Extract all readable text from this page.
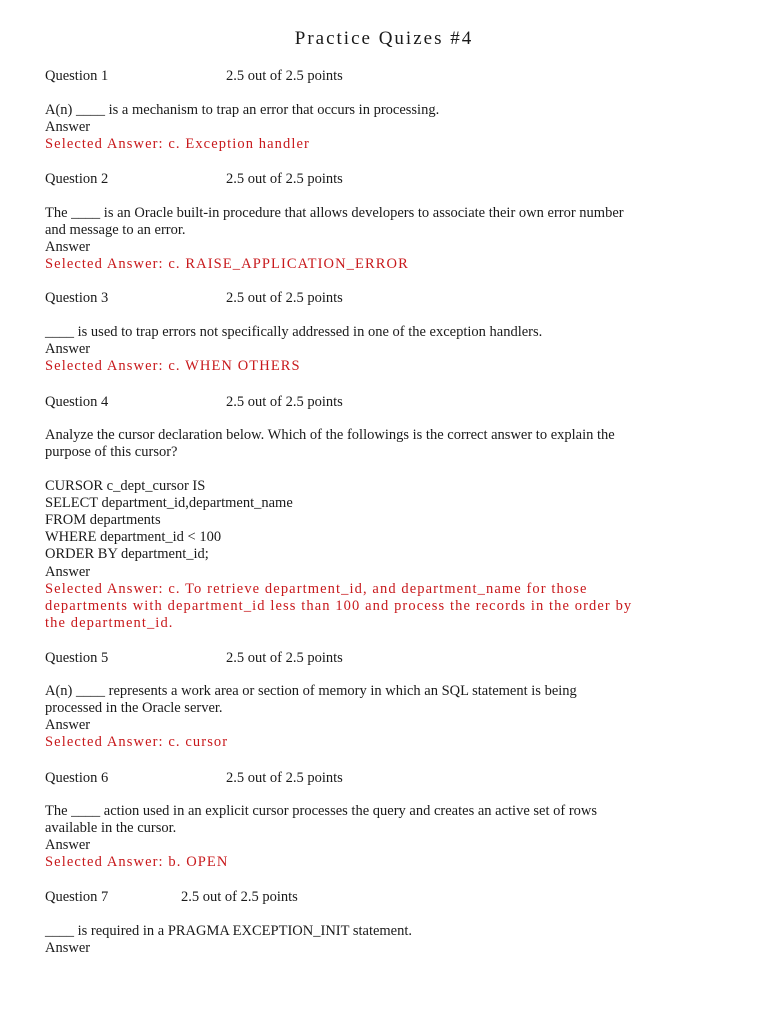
Practice Quizes #4
Question 1	2.5 out of 2.5 points
A(n) ____ is a mechanism to trap an error that occurs in processing.
Answer
Selected Answer: c. Exception handler
Question 2	2.5 out of 2.5 points
The ____ is an Oracle built-in procedure that allows developers to associate their own error number
and message to an error.
Answer
Selected Answer: c. RAISE_APPLICATION_ERROR
Question 3	2.5 out of 2.5 points
____ is used to trap errors not specifically addressed in one of the exception handlers.
Answer
Selected Answer: c. WHEN OTHERS
Question 4	2.5 out of 2.5 points
Analyze the cursor declaration below. Which of the followings is the correct answer to explain the
purpose of this cursor?
CURSOR c_dept_cursor IS
SELECT department_id,department_name
FROM departments
WHERE department_id < 100
ORDER BY department_id;
Answer
Selected Answer: c. To retrieve department_id, and department_name for those
departments with department_id less than 100 and process the records in the order by
the department_id.
Question 5	2.5 out of 2.5 points
A(n) ____ represents a work area or section of memory in which an SQL statement is being
processed in the Oracle server.
Answer
Selected Answer: c. cursor
Question 6	2.5 out of 2.5 points
The ____ action used in an explicit cursor processes the query and creates an active set of rows
available in the cursor.
Answer
Selected Answer: b. OPEN
Question 7	2.5 out of 2.5 points
____ is required in a PRAGMA EXCEPTION_INIT statement.
Answer
